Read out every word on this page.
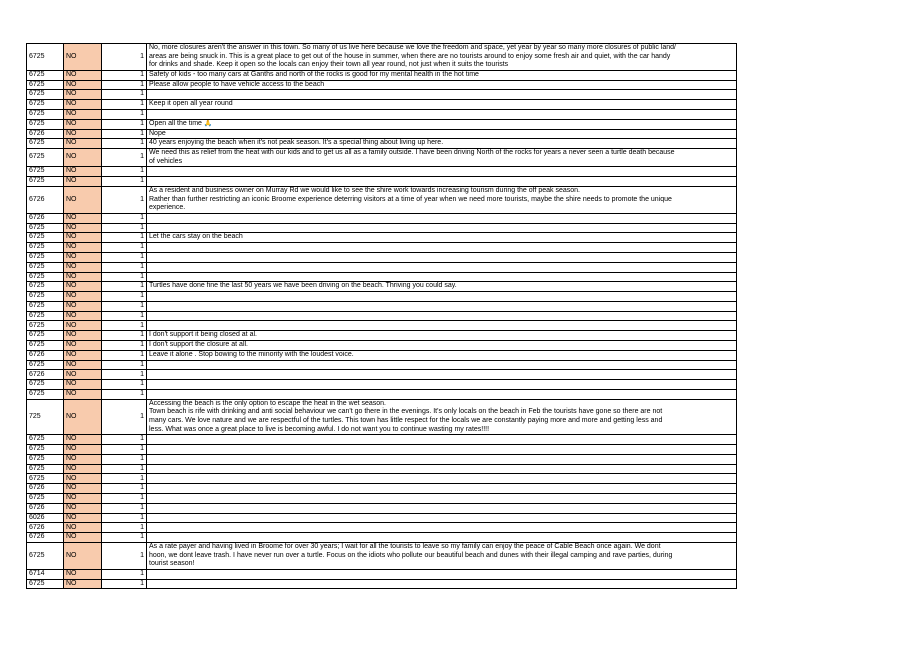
6725	NO	1	No, more closures aren't the answer in this town. So many of us live here because we love the freedom and space, yet year by year so many more closures of public land/
areas are being snuck in. This is a great place to get out of the house in summer, when there are no tourists around to enjoy some fresh air and quiet, with the car handy
for drinks and shade. Keep it open so the locals can enjoy their town all year round, not just when it suits the tourists
6725	NO	1	Safety of kids - too many cars at Ganths and north of the rocks is good for my mental health in the hot time
6725	NO	1	Please allow people to have vehicle access to the beach
6725	NO	1	
6725	NO	1	Keep it open all year round
6725	NO	1	
6725	NO	1	Open all the time 🙏
6726	NO	1	Nope
6725	NO	1	40 years enjoying the beach when it's not peak season. It's a special thing about living up here.
6725	NO	1	We need this as relief from the heat with our kids and to get us all as a family outside. I have been driving North of the rocks for years a never seen a turtle death because
of vehicles
6725	NO	1	
6725	NO	1	
6726	NO	1	As a resident and business owner on Murray Rd we would like to see the shire work towards increasing tourism during the off peak season.
Rather than further restricting an iconic Broome experience deterring visitors at a time of year when we need more tourists, maybe the shire needs to promote the unique
experience.
6726	NO	1	
6725	NO	1	
6725	NO	1	Let the cars stay on the beach
6725	NO	1	
6725	NO	1	
6725	NO	1	
6725	NO	1	
6725	NO	1	Turtles have done fine the last 50 years we have been driving on the beach. Thriving you could say.
6725	NO	1	
6725	NO	1	
6725	NO	1	
6725	NO	1	
6725	NO	1	I don't support it being closed at al.
6725	NO	1	I don't support the closure at all.
6726	NO	1	Leave it alone . Stop bowing to the minority with the loudest voice.
6725	NO	1	
6726	NO	1	
6725	NO	1	
6725	NO	1	
725	NO	1	Accessing the beach is the only option to escape the heat in the wet season.
Town beach is rife with drinking and anti social behaviour we can't go there in the evenings. It's only locals on the beach in Feb the tourists have gone so there are not
many cars. We love nature and we are respectful of the turtles. This town has little respect for the locals we are constantly paying more and more and getting less and
less. What was once a great place to live is becoming awful. I do not want you to continue wasting my rates!!!!
6725	NO	1	
6725	NO	1	
6725	NO	1	
6725	NO	1	
6725	NO	1	
6726	NO	1	
6725	NO	1	
6726	NO	1	
6026	NO	1	
6726	NO	1	
6726	NO	1	
6725	NO	1	As a rate payer and having lived in Broome for over 30 years; I wait for all the tourists to leave so my family can enjoy the peace of Cable Beach once again. We dont
hoon, we dont leave trash. I have never run over a turtle. Focus on the idiots who pollute our beautiful beach and dunes with their illegal camping and rave parties, during
tourist season!
6714	NO	1	
6725	NO	1	
